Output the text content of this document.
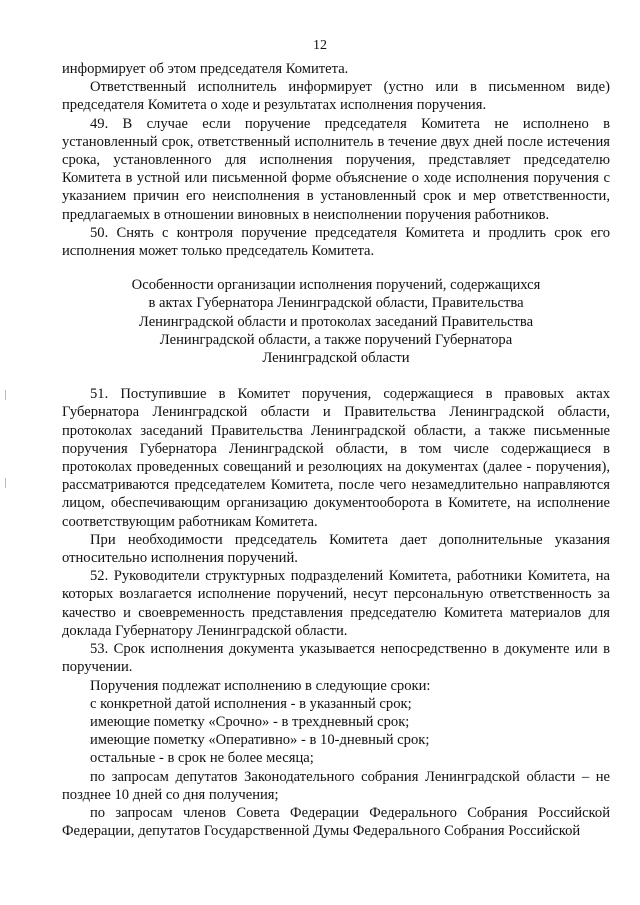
12

информирует об этом председателя Комитета.

Ответственный исполнитель информирует (устно или в письменном виде) председателя Комитета о ходе и результатах исполнения поручения.

49. В случае если поручение председателя Комитета не исполнено в установленный срок, ответственный исполнитель в течение двух дней после истечения срока, установленного для исполнения поручения, представляет председателю Комитета в устной или письменной форме объяснение о ходе исполнения поручения с указанием причин его неисполнения в установленный срок и мер ответственности, предлагаемых в отношении виновных в неисполнении поручения работников.

50. Снять с контроля поручение председателя Комитета и продлить срок его исполнения может только председатель Комитета.

Особенности организации исполнения поручений, содержащихся
в актах Губернатора Ленинградской области, Правительства
Ленинградской области и протоколах заседаний Правительства
Ленинградской области, а также поручений Губернатора
Ленинградской области

51. Поступившие в Комитет поручения, содержащиеся в правовых актах Губернатора Ленинградской области и Правительства Ленинградской области, протоколах заседаний Правительства Ленинградской области, а также письменные поручения Губернатора Ленинградской области, в том числе содержащиеся в протоколах проведенных совещаний и резолюциях на документах (далее - поручения), рассматриваются председателем Комитета, после чего незамедлительно направляются лицом, обеспечивающим организацию документооборота в Комитете, на исполнение соответствующим работникам Комитета.

При необходимости председатель Комитета дает дополнительные указания относительно исполнения поручений.

52. Руководители структурных подразделений Комитета, работники Комитета, на которых возлагается исполнение поручений, несут персональную ответственность за качество и своевременность представления председателю Комитета материалов для доклада Губернатору Ленинградской области.

53. Срок исполнения документа указывается непосредственно в документе или в поручении.

Поручения подлежат исполнению в следующие сроки:

с конкретной датой исполнения - в указанный срок;

имеющие пометку «Срочно» - в трехдневный срок;

имеющие пометку «Оперативно» - в 10-дневный срок;

остальные - в срок не более месяца;

по запросам депутатов Законодательного собрания Ленинградской области – не позднее 10 дней со дня получения;

по запросам членов Совета Федерации Федерального Собрания Российской Федерации, депутатов Государственной Думы Федерального Собрания Российской
